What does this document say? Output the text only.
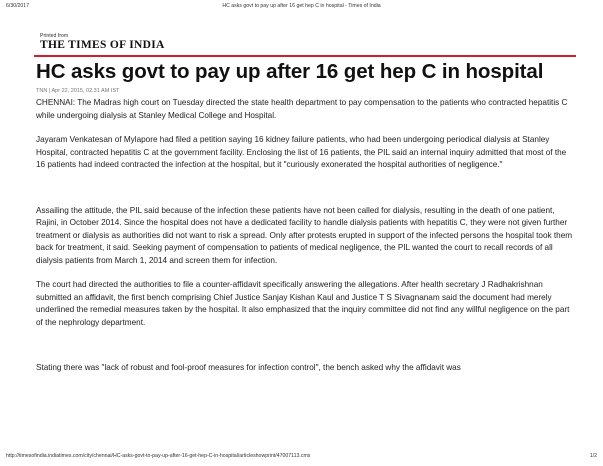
6/30/2017	HC asks govt to pay up after 16 get hep C in hospital - Times of India
Printed from
THE TIMES OF INDIA
HC asks govt to pay up after 16 get hep C in hospital
TNN | Apr 22, 2015, 02.31 AM IST

CHENNAI: The Madras high court on Tuesday directed the state health department to pay compensation to the patients who contracted hepatitis C while undergoing dialysis at Stanley Medical College and Hospital.

Jayaram Venkatesan of Mylapore had filed a petition saying 16 kidney failure patients, who had been undergoing periodical dialysis at Stanley Hospital, contracted hepatitis C at the government facility. Enclosing the list of 16 patients, the PIL said an internal inquiry admitted that most of the 16 patients had indeed contracted the infection at the hospital, but it "curiously exonerated the hospital authorities of negligence."

Assailing the attitude, the PIL said because of the infection these patients have not been called for dialysis, resulting in the death of one patient, Rajini, in October 2014. Since the hospital does not have a dedicated facility to handle dialysis patients with hepatitis C, they were not given further treatment or dialysis as authorities did not want to risk a spread. Only after protests erupted in support of the infected persons the hospital took them back for treatment, it said. Seeking payment of compensation to patients of medical negligence, the PIL wanted the court to recall records of all dialysis patients from March 1, 2014 and screen them for infection.

The court had directed the authorities to file a counter-affidavit specifically answering the allegations. After health secretary J Radhakrishnan submitted an affidavit, the first bench comprising Chief Justice Sanjay Kishan Kaul and Justice T S Sivagnanam said the document had merely underlined the remedial measures taken by the hospital. It also emphasized that the inquiry committee did not find any willful negligence on the part of the nephrology department.

Stating there was "lack of robust and fool-proof measures for infection control", the bench asked why the affidavit was

http://timesofindia.indiatimes.com/city/chennai/HC-asks-govt-to-pay-up-after-16-get-hep-C-in-hospital/articleshowprint/47007113.cms	1/2
